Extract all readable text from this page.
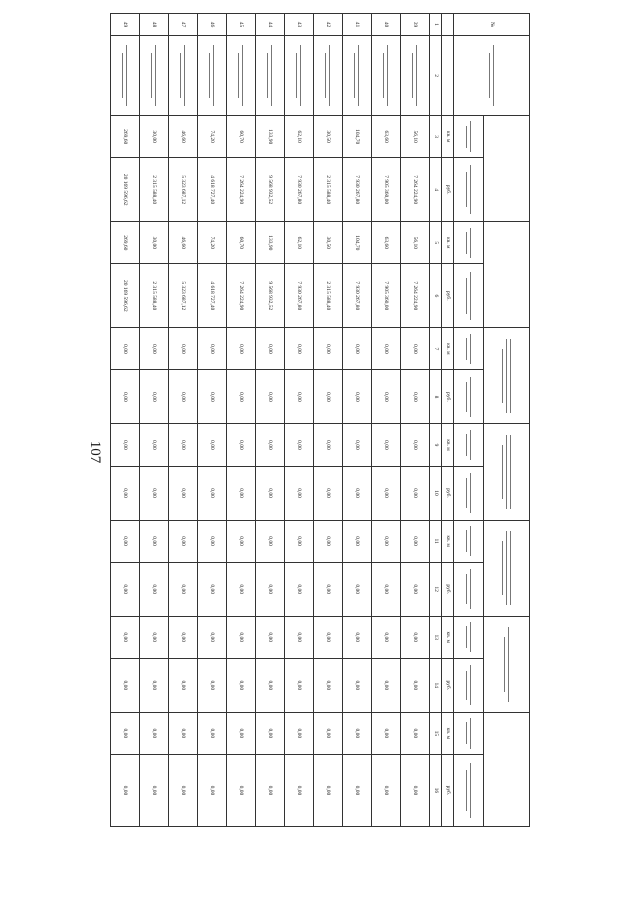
107
№								

		кв. м	руб.	кв. м	руб.	кв. м	руб.	кв. м	руб.	кв. м	руб.	кв. м	руб.	кв. м	руб.
1	2	3	4	5	6	7	8	9	10	11	12	13	14	15	16
39		56,10	7 264 224,90	56,10	7 264 224,90	0,00	0,00	0,00	0,00	0,00	0,00	0,00	0,00	0,00	0,00
40		63,60	7 905 360,00	63,60	7 905 360,00	0,00	0,00	0,00	0,00	0,00	0,00	0,00	0,00	0,00	0,00
41		104,70	7 930 267,80	104,70	7 930 267,80	0,00	0,00	0,00	0,00	0,00	0,00	0,00	0,00	0,00	0,00
42		30,50	2 315 588,40	30,50	2 315 588,40	0,00	0,00	0,00	0,00	0,00	0,00	0,00	0,00	0,00	0,00
43		62,10	7 930 267,80	62,10	7 930 267,80	0,00	0,00	0,00	0,00	0,00	0,00	0,00	0,00	0,00	0,00
44		133,90	9 568 932,52	133,90	9 568 932,52	0,00	0,00	0,00	0,00	0,00	0,00	0,00	0,00	0,00	0,00
45		60,70	7 264 224,90	60,70	7 264 224,90	0,00	0,00	0,00	0,00	0,00	0,00	0,00	0,00	0,00	0,00
46		74,20	4 618 727,40	74,20	4 618 727,40	0,00	0,00	0,00	0,00	0,00	0,00	0,00	0,00	0,00	0,00
47		46,60	5 323 687,12	46,60	5 323 687,12	0,00	0,00	0,00	0,00	0,00	0,00	0,00	0,00	0,00	0,00
48		30,00	2 315 588,40	30,00	2 315 588,40	0,00	0,00	0,00	0,00	0,00	0,00	0,00	0,00	0,00	0,00
49		269,60	20 169 596,62	269,60	20 169 596,62	0,00	0,00	0,00	0,00	0,00	0,00	0,00	0,00	0,00	0,00
